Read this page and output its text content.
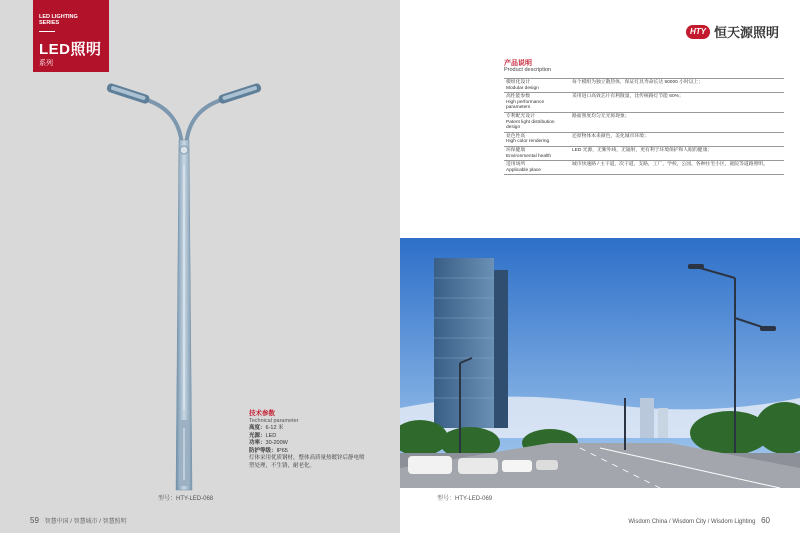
LED LIGHTING
SERIES
LED照明
系列
技术参数
Technical parameter
高度：6-12 米
光源：LED
功率：30-200W
防护等级：IP65
灯体采用优质钢材，整体高质量热镀锌后静电喷
塑处理，不生锈，耐老化。
型号：HTY-LED-068
59 智慧中国 / 智慧城市 / 智慧照明
HTY 恒天源照明
产品说明
Product description
模组化设计
Modular design	每个模组为独立散热体，保证灯具寿命长达 50000 小时以上；

高性能参数
High performance parameters	采用进口高效芯片有利散量，比传统路灯节能 60%；

专利配光设计
Patent light distribution design	路面照度均匀无光斑现象；

显色性高
High color rendering	还原物体本来颜色，美化城市环境；

环保健康
Environmental health	LED 光源，无紫外线，无辐射，更有利于环境保护和人眼的健康；

适用场所
Applicable place	城市快速路 / 主干道，次干道，支路，工厂，学校，公园，各种住宅小区，庭院等道路照明。
型号：HTY-LED-069
Wisdom China / Wisdom City / Wisdom Lighting 60
